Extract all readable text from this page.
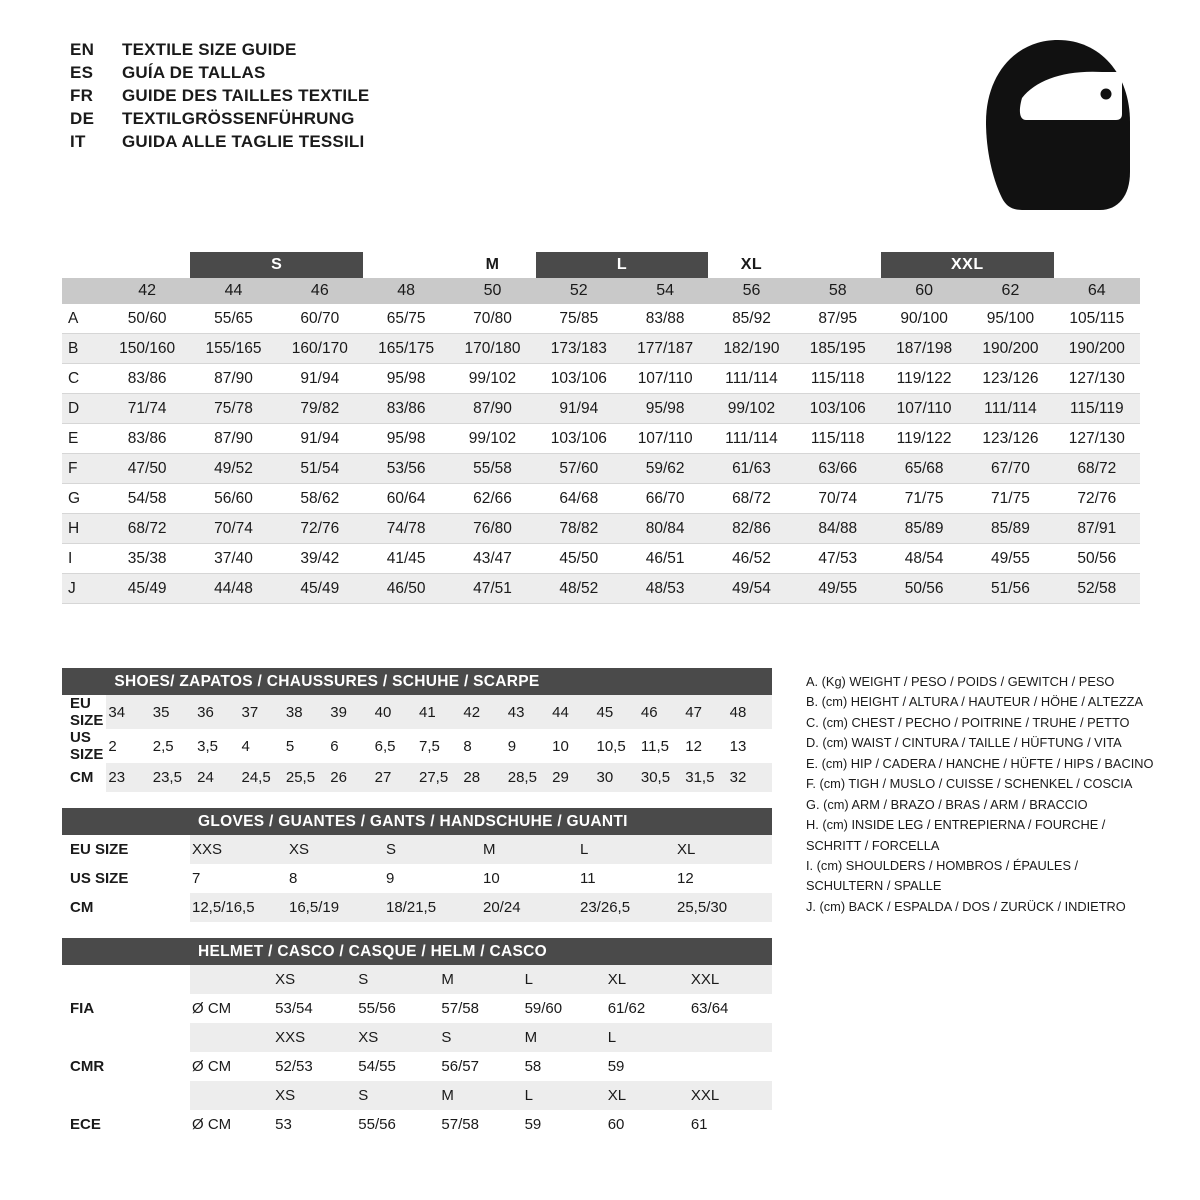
EN	TEXTILE SIZE GUIDE
ES	GUÍA DE TALLAS
FR	GUIDE DES TAILLES TEXTILE
DE	TEXTILGRÖSSENFÜHRUNG
IT	GUIDA ALLE TAGLIE TESSILI
		S			M	L		XL		XXL		
	42	44	46	48	50	52	54	56	58	60	62	64
A	50/60	55/65	60/70	65/75	70/80	75/85	83/88	85/92	87/95	90/100	95/100	105/115
B	150/160	155/165	160/170	165/175	170/180	173/183	177/187	182/190	185/195	187/198	190/200	190/200
C	83/86	87/90	91/94	95/98	99/102	103/106	107/110	111/114	115/118	119/122	123/126	127/130
D	71/74	75/78	79/82	83/86	87/90	91/94	95/98	99/102	103/106	107/110	111/114	115/119
E	83/86	87/90	91/94	95/98	99/102	103/106	107/110	111/114	115/118	119/122	123/126	127/130
F	47/50	49/52	51/54	53/56	55/58	57/60	59/62	61/63	63/66	65/68	67/70	68/72
G	54/58	56/60	58/62	60/64	62/66	64/68	66/70	68/72	70/74	71/75	71/75	72/76
H	68/72	70/74	72/76	74/78	76/80	78/82	80/84	82/86	84/88	85/89	85/89	87/91
I	35/38	37/40	39/42	41/45	43/47	45/50	46/51	46/52	47/53	48/54	49/55	50/56
J	45/49	44/48	45/49	46/50	47/51	48/52	48/53	49/54	49/55	50/56	51/56	52/58
	SHOES/ ZAPATOS / CHAUSSURES / SCHUHE / SCARPE														
EU SIZE	34	35	36	37	38	39	40	41	42	43	44	45	46	47	48
US SIZE	2	2,5	3,5	4	5	6	6,5	7,5	8	9	10	10,5	11,5	12	13
CM	23	23,5	24	24,5	25,5	26	27	27,5	28	28,5	29	30	30,5	31,5	32
	GLOVES / GUANTES / GANTS / HANDSCHUHE / GUANTI					
EU SIZE	XXS	XS	S	M	L	XL
US SIZE	7	8	9	10	11	12
CM	12,5/16,5	16,5/19	18/21,5	20/24	23/26,5	25,5/30
	HELMET / CASCO / CASQUE / HELM / CASCO						
		XS	S	M	L	XL	XXL
FIA	Ø CM	53/54	55/56	57/58	59/60	61/62	63/64
		XXS	XS	S	M	L	
CMR	Ø CM	52/53	54/55	56/57	58	59	
		XS	S	M	L	XL	XXL
ECE	Ø CM	53	55/56	57/58	59	60	61
A. (Kg) WEIGHT / PESO / POIDS / GEWITCH / PESO
B. (cm) HEIGHT / ALTURA / HAUTEUR / HÖHE / ALTEZZA
C. (cm) CHEST / PECHO / POITRINE / TRUHE / PETTO
D. (cm) WAIST / CINTURA / TAILLE / HÜFTUNG / VITA
E. (cm) HIP / CADERA / HANCHE / HÜFTE / HIPS / BACINO
F. (cm) TIGH / MUSLO / CUISSE / SCHENKEL / COSCIA
G. (cm) ARM / BRAZO / BRAS / ARM / BRACCIO
H. (cm) INSIDE LEG / ENTREPIERNA / FOURCHE /
SCHRITT / FORCELLA
I. (cm) SHOULDERS / HOMBROS / ÉPAULES /
SCHULTERN / SPALLE
J. (cm) BACK / ESPALDA / DOS / ZURÜCK / INDIETRO
